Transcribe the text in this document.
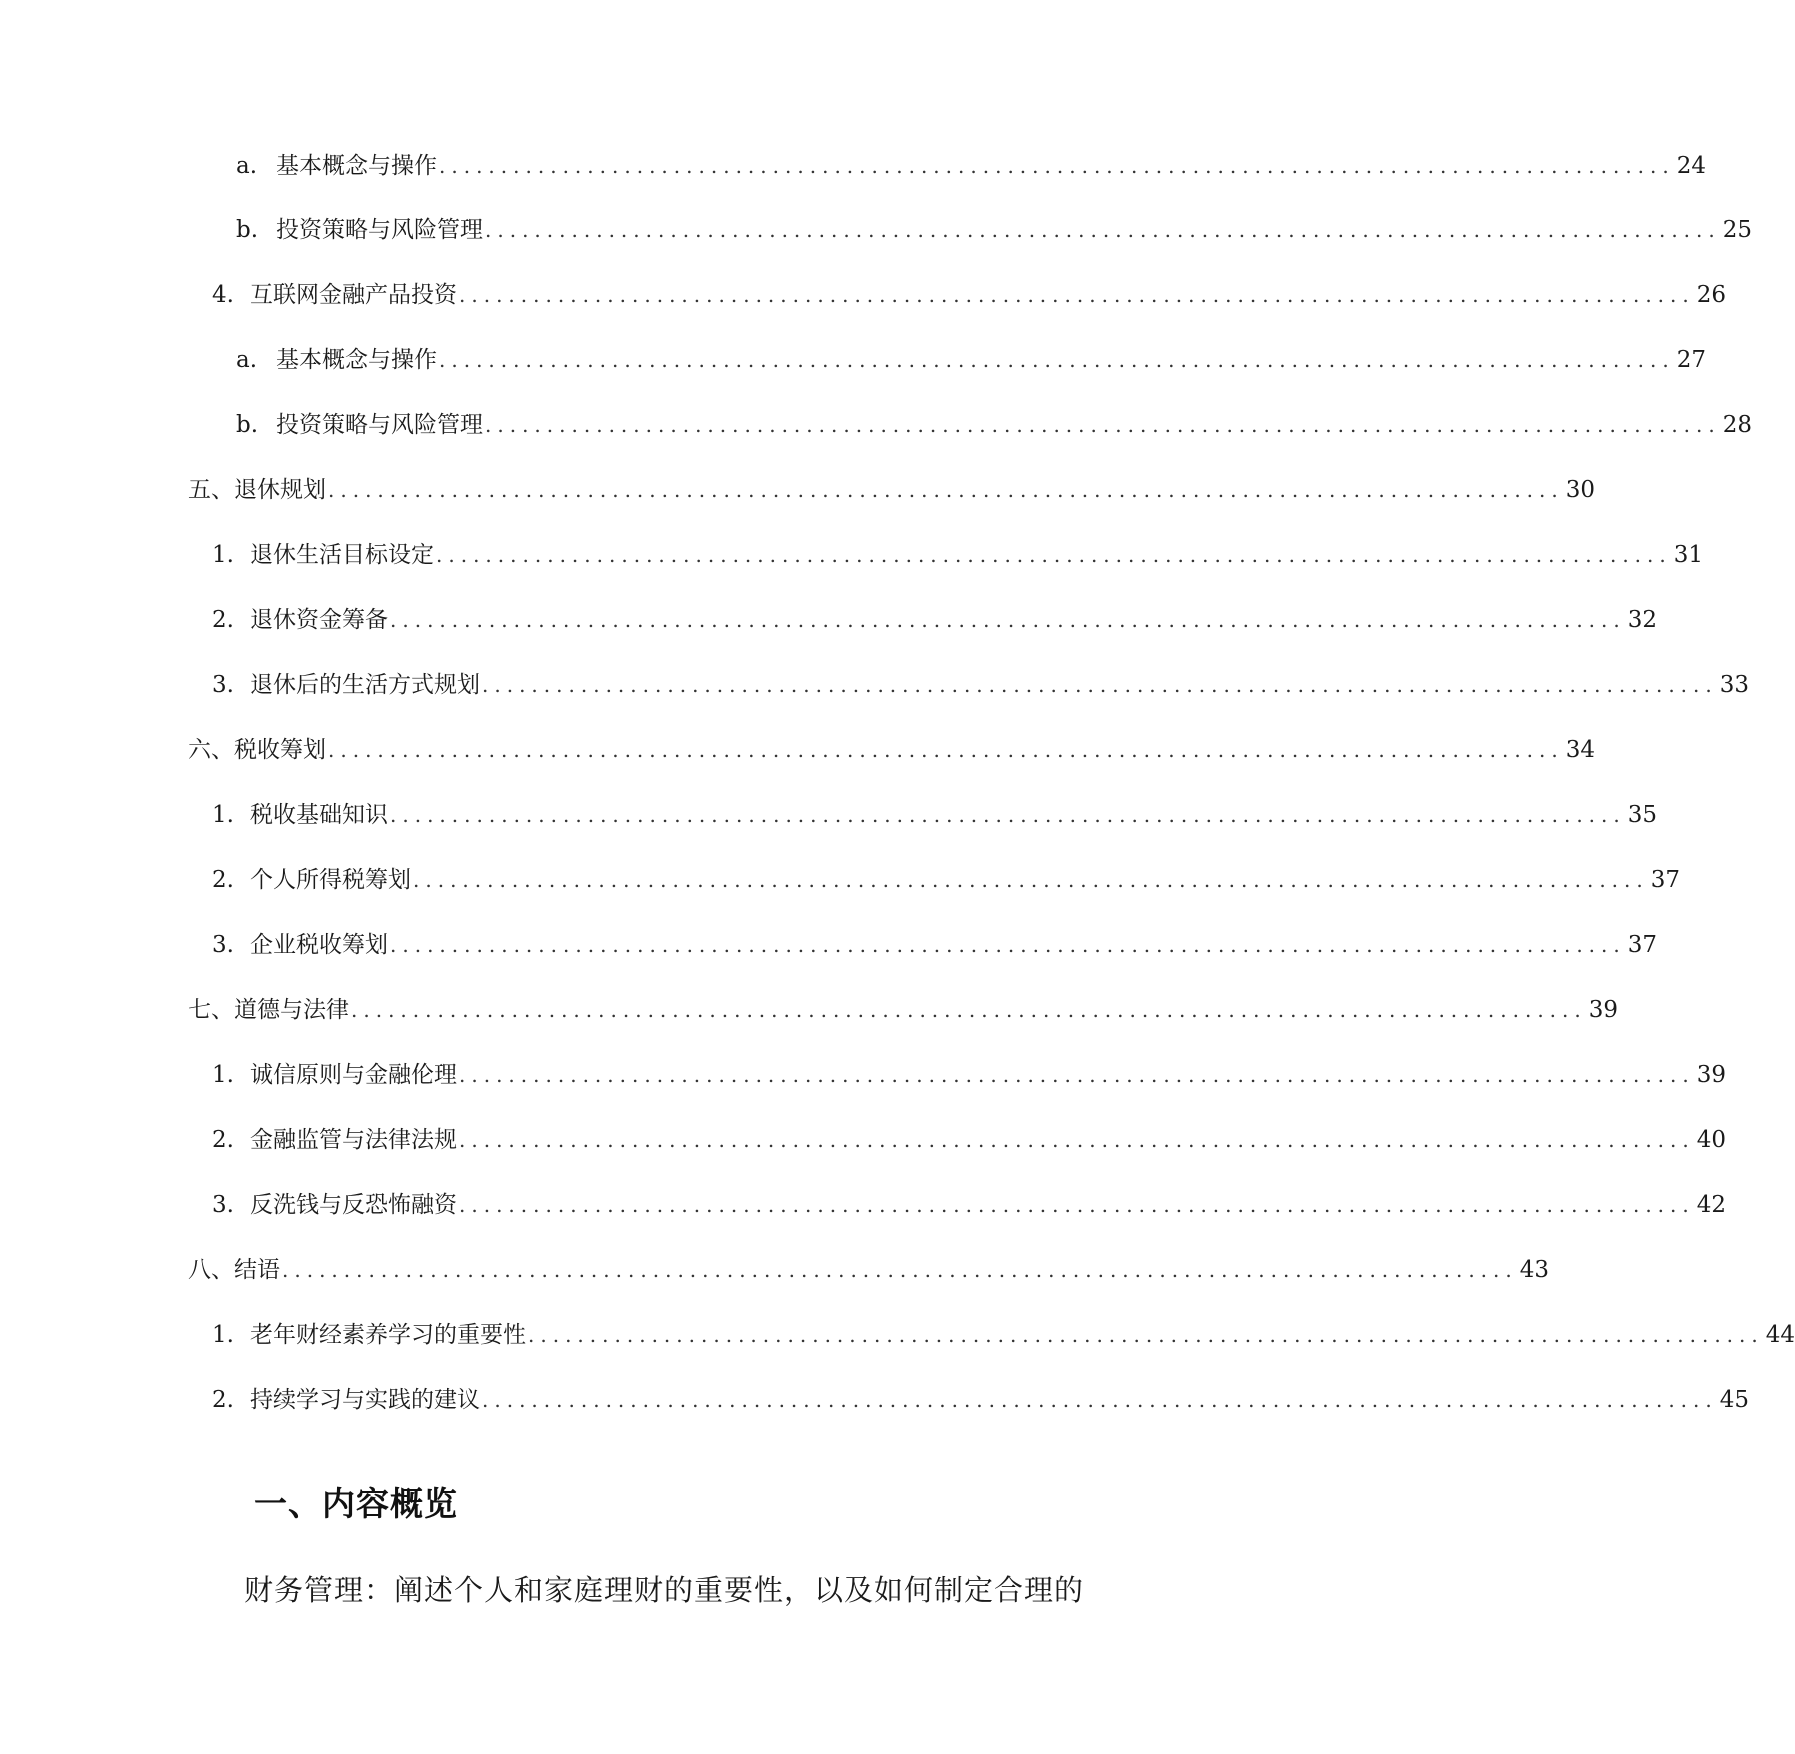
a. 基本概念与操作 .................................................................................................... 24
b. 投资策略与风险管理 .................................................................................................... 25
4. 互联网金融产品投资 .................................................................................................... 26
a. 基本概念与操作 .................................................................................................... 27
b. 投资策略与风险管理 .................................................................................................... 28
五、 退休规划 .................................................................................................... 30
1. 退休生活目标设定 .................................................................................................... 31
2. 退休资金筹备 .................................................................................................... 32
3. 退休后的生活方式规划 .................................................................................................... 33
六、 税收筹划 .................................................................................................... 34
1. 税收基础知识 .................................................................................................... 35
2. 个人所得税筹划 .................................................................................................... 37
3. 企业税收筹划 .................................................................................................... 37
七、 道德与法律 .................................................................................................... 39
1. 诚信原则与金融伦理 .................................................................................................... 39
2. 金融监管与法律法规 .................................................................................................... 40
3. 反洗钱与反恐怖融资 .................................................................................................... 42
八、 结语 .................................................................................................... 43
1. 老年财经素养学习的重要性 .................................................................................................... 44
2. 持续学习与实践的建议 .................................................................................................... 45
一、内容概览
财务管理：阐述个人和家庭理财的重要性，以及如何制定合理的
